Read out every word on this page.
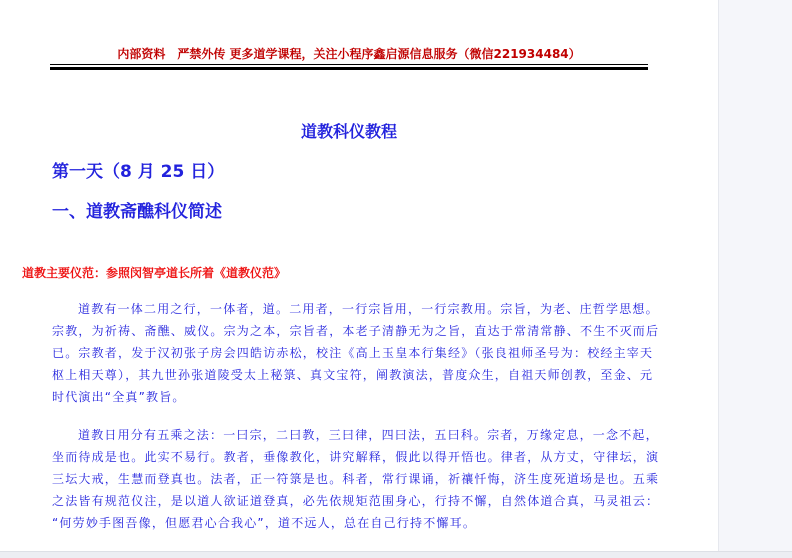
内部资料　严禁外传 更多道学课程，关注小程序鑫启源信息服务（微信221934484）
道教科仪教程
第一天（8 月 25 日）
一、道教斋醮科仪简述
道教主要仪范：参照闵智亭道长所着《道教仪范》
道教有一体二用之行，一体者，道。二用者，一行宗旨用，一行宗教用。宗旨，为老、庄哲学思想。
宗教，为祈祷、斋醮、威仪。宗为之本，宗旨者，本老子清静无为之旨，直达于常清常静、不生不灭而后
已。宗教者，发于汉初张子房会四皓访赤松，校注《高上玉皇本行集经》（张良祖师圣号为：校经主宰天
枢上相天尊），其九世孙张道陵受太上秘箓、真文宝符，阐教演法，普度众生，自祖天师创教，至金、元
时代演出“全真”教旨。
道教日用分有五乘之法：一曰宗，二曰教，三曰律，四曰法，五曰科。宗者，万缘定息，一念不起，
坐而待成是也。此实不易行。教者，垂像教化，讲究解释，假此以得开悟也。律者，从方丈，守律坛，演
三坛大戒，生慧而登真也。法者，正一符箓是也。科者，常行课诵，祈禳忏悔，济生度死道场是也。五乘
之法皆有规范仪注，是以道人欲证道登真，必先依规矩范围身心，行持不懈，自然体道合真，马灵祖云：
“何劳妙手图吾像，但愿君心合我心”，道不远人，总在自己行持不懈耳。
